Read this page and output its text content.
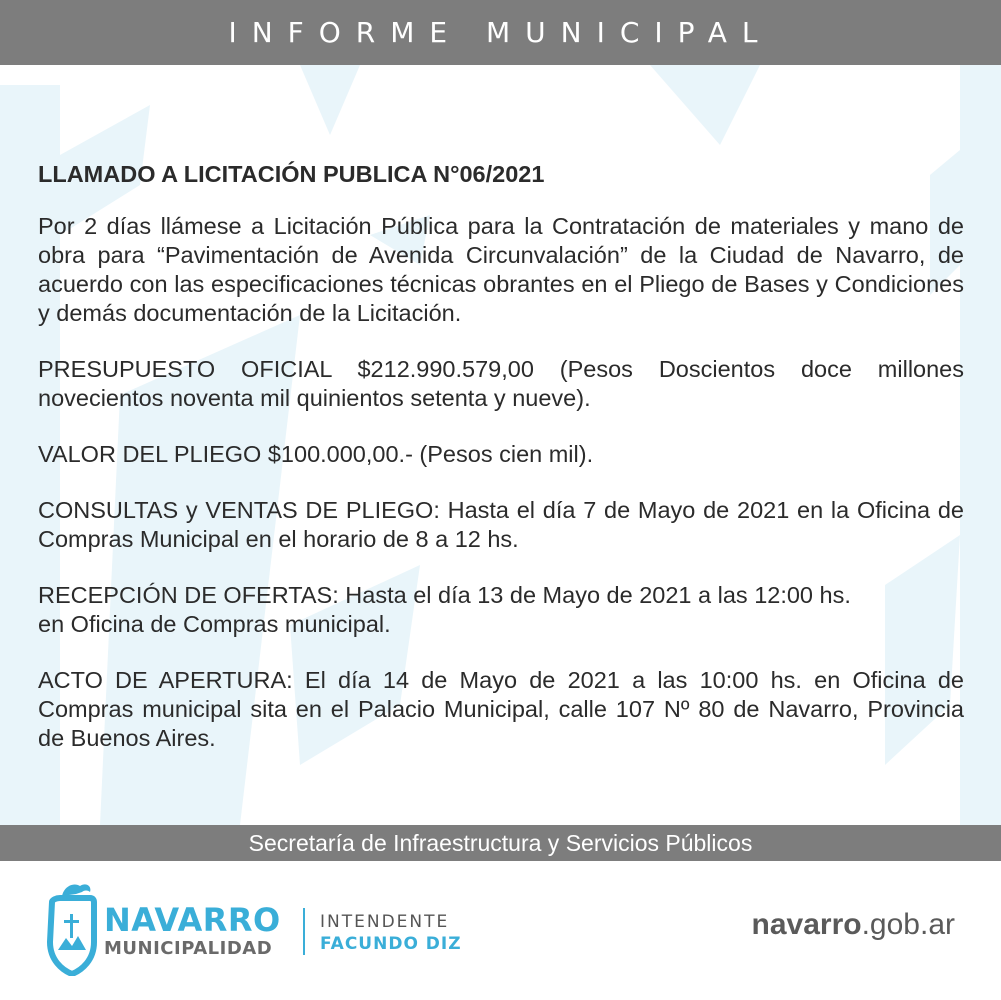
INFORME MUNICIPAL

LLAMADO A LICITACIÓN PUBLICA N°06/2021

Por 2 días llámese a Licitación Pública para la Contratación de materiales y mano de obra para “Pavimentación de Avenida Circunvalación” de la Ciudad de Navarro, de acuerdo con las especificaciones técnicas obrantes en el Pliego de Bases y Condiciones y demás documentación de la Licitación.

PRESUPUESTO OFICIAL $212.990.579,00 (Pesos Doscientos doce millones novecientos noventa mil quinientos setenta y nueve).

VALOR DEL PLIEGO $100.000,00.- (Pesos cien mil).

CONSULTAS y VENTAS DE PLIEGO: Hasta el día 7 de Mayo de 2021 en la Oficina de Compras Municipal en el horario de 8 a 12 hs.

RECEPCIÓN DE OFERTAS: Hasta el día 13 de Mayo de 2021 a las 12:00 hs.
en Oficina de Compras municipal.

ACTO DE APERTURA: El día 14 de Mayo de 2021 a las 10:00 hs. en Oficina de Compras municipal sita en el Palacio Municipal, calle 107 Nº 80 de Navarro, Provincia de Buenos Aires.

Secretaría de Infraestructura y Servicios Públicos
NAVARRO
MUNICIPALIDAD
INTENDENTE
FACUNDO DIZ
navarro.gob.ar
